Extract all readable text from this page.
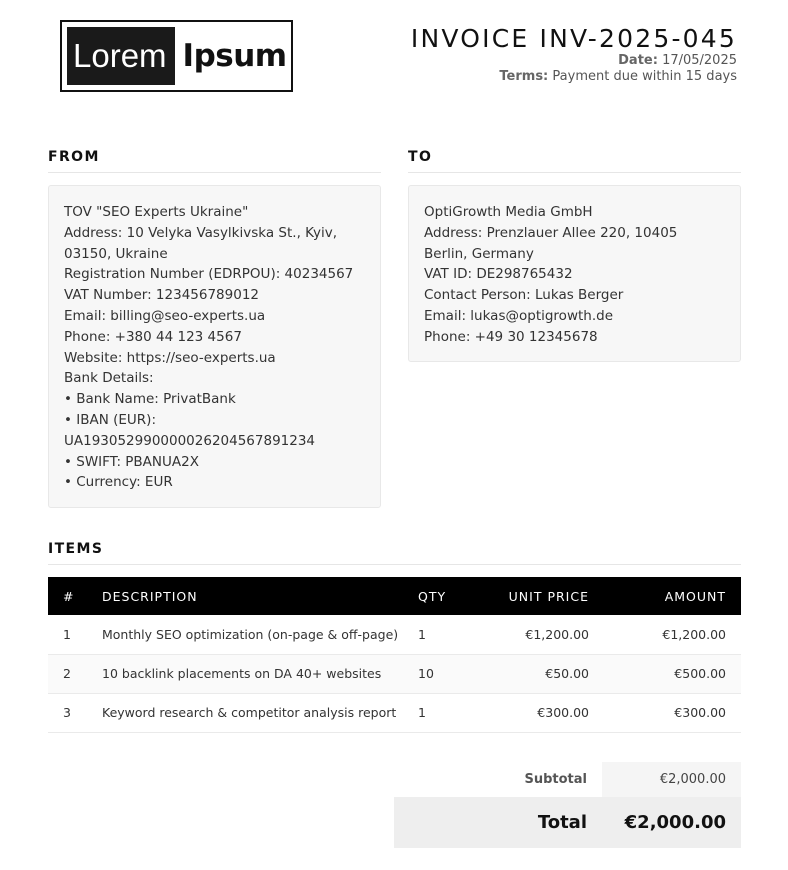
Lorem Ipsum	INVOICE INV-2025-045
Date: 17/05/2025
Terms: Payment due within 15 days
FROM
TOV "SEO Experts Ukraine"
Address: 10 Velyka Vasylkivska St., Kyiv, 03150, Ukraine
Registration Number (EDRPOU): 40234567
VAT Number: 123456789012
Email: billing@seo-experts.ua
Phone: +380 44 123 4567
Website: https://seo-experts.ua
Bank Details:
• Bank Name: PrivatBank
• IBAN (EUR): UA193052990000026204567891234
• SWIFT: PBANUA2X
• Currency: EUR
TO
OptiGrowth Media GmbH
Address: Prenzlauer Allee 220, 10405 Berlin, Germany
VAT ID: DE298765432
Contact Person: Lukas Berger
Email: lukas@optigrowth.de
Phone: +49 30 12345678
ITEMS
#	DESCRIPTION	QTY	UNIT PRICE	AMOUNT
1	Monthly SEO optimization (on-page & off-page)	1	€1,200.00	€1,200.00
2	10 backlink placements on DA 40+ websites	10	€50.00	€500.00
3	Keyword research & competitor analysis report	1	€300.00	€300.00
Subtotal	€2,000.00
Total	€2,000.00
